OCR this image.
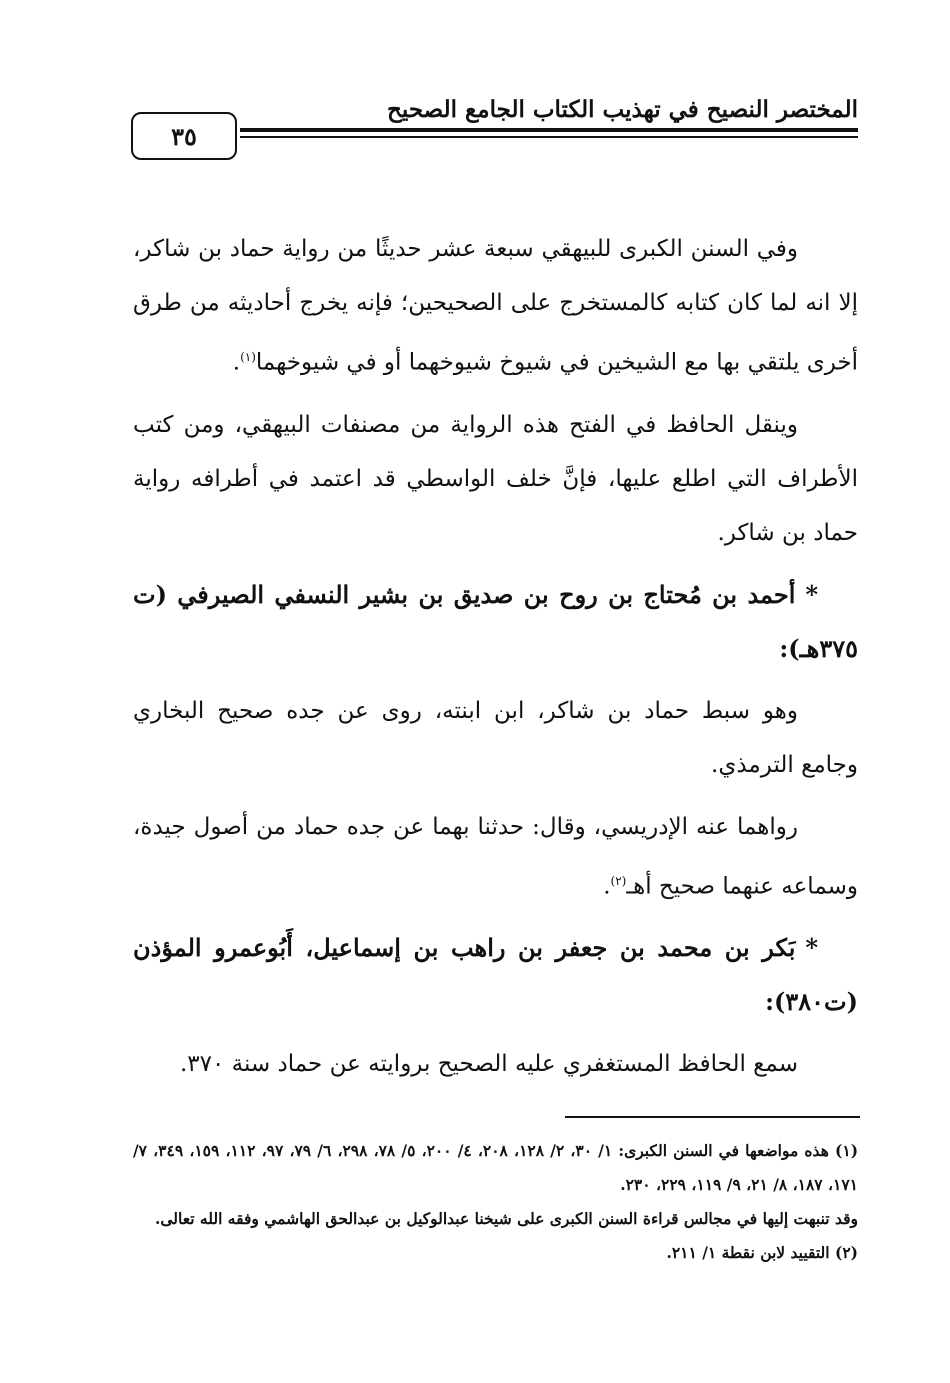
المختصر النصيح في تهذيب الكتاب الجامع الصحيح
٣٥

وفي السنن الكبرى للبيهقي سبعة عشر حديثًا من رواية حماد بن شاكر، إلا انه لما كان كتابه كالمستخرج على الصحيحين؛ فإنه يخرج أحاديثه من طرق أخرى يلتقي بها مع الشيخين في شيوخ شيوخهما أو في شيوخهما$^{(١)}$.

وينقل الحافظ في الفتح هذه الرواية من مصنفات البيهقي، ومن كتب الأطراف التي اطلع عليها، فإنَّ خلف الواسطي قد اعتمد في أطرافه رواية حماد بن شاكر.

*أحمد بن مُحتاج بن روح بن صديق بن بشير النسفي الصيرفي (ت ٣٧٥هـ):

وهو سبط حماد بن شاكر، ابن ابنته، روى عن جده صحيح البخاري وجامع الترمذي.

رواهما عنه الإدريسي، وقال: حدثنا بهما عن جده حماد من أصول جيدة، وسماعه عنهما صحيح أهـ$^{(٢)}$.

*بَكر بن محمد بن جعفر بن راهب بن إسماعيل، أَبُوعمرو المؤذن (ت٣٨٠):

سمع الحافظ المستغفري عليه الصحيح بروايته عن حماد سنة ٣٧٠.

(١) هذه مواضعها في السنن الكبرى: ١/ ٣٠، ٢/ ١٢٨، ٢٠٨، ٤/ ٢٠٠، ٥/ ٧٨، ٢٩٨، ٦/ ٧٩، ٩٧، ١١٢، ١٥٩، ٣٤٩، ٧/ ١٧١، ١٨٧، ٨/ ٢١، ٩/ ١١٩، ٢٢٩، ٢٣٠.

وقد تنبهت إليها في مجالس قراءة السنن الكبرى على شيخنا عبدالوكيل بن عبدالحق الهاشمي وفقه الله تعالى.

(٢) التقييد لابن نقطة ١/ ٢١١.
